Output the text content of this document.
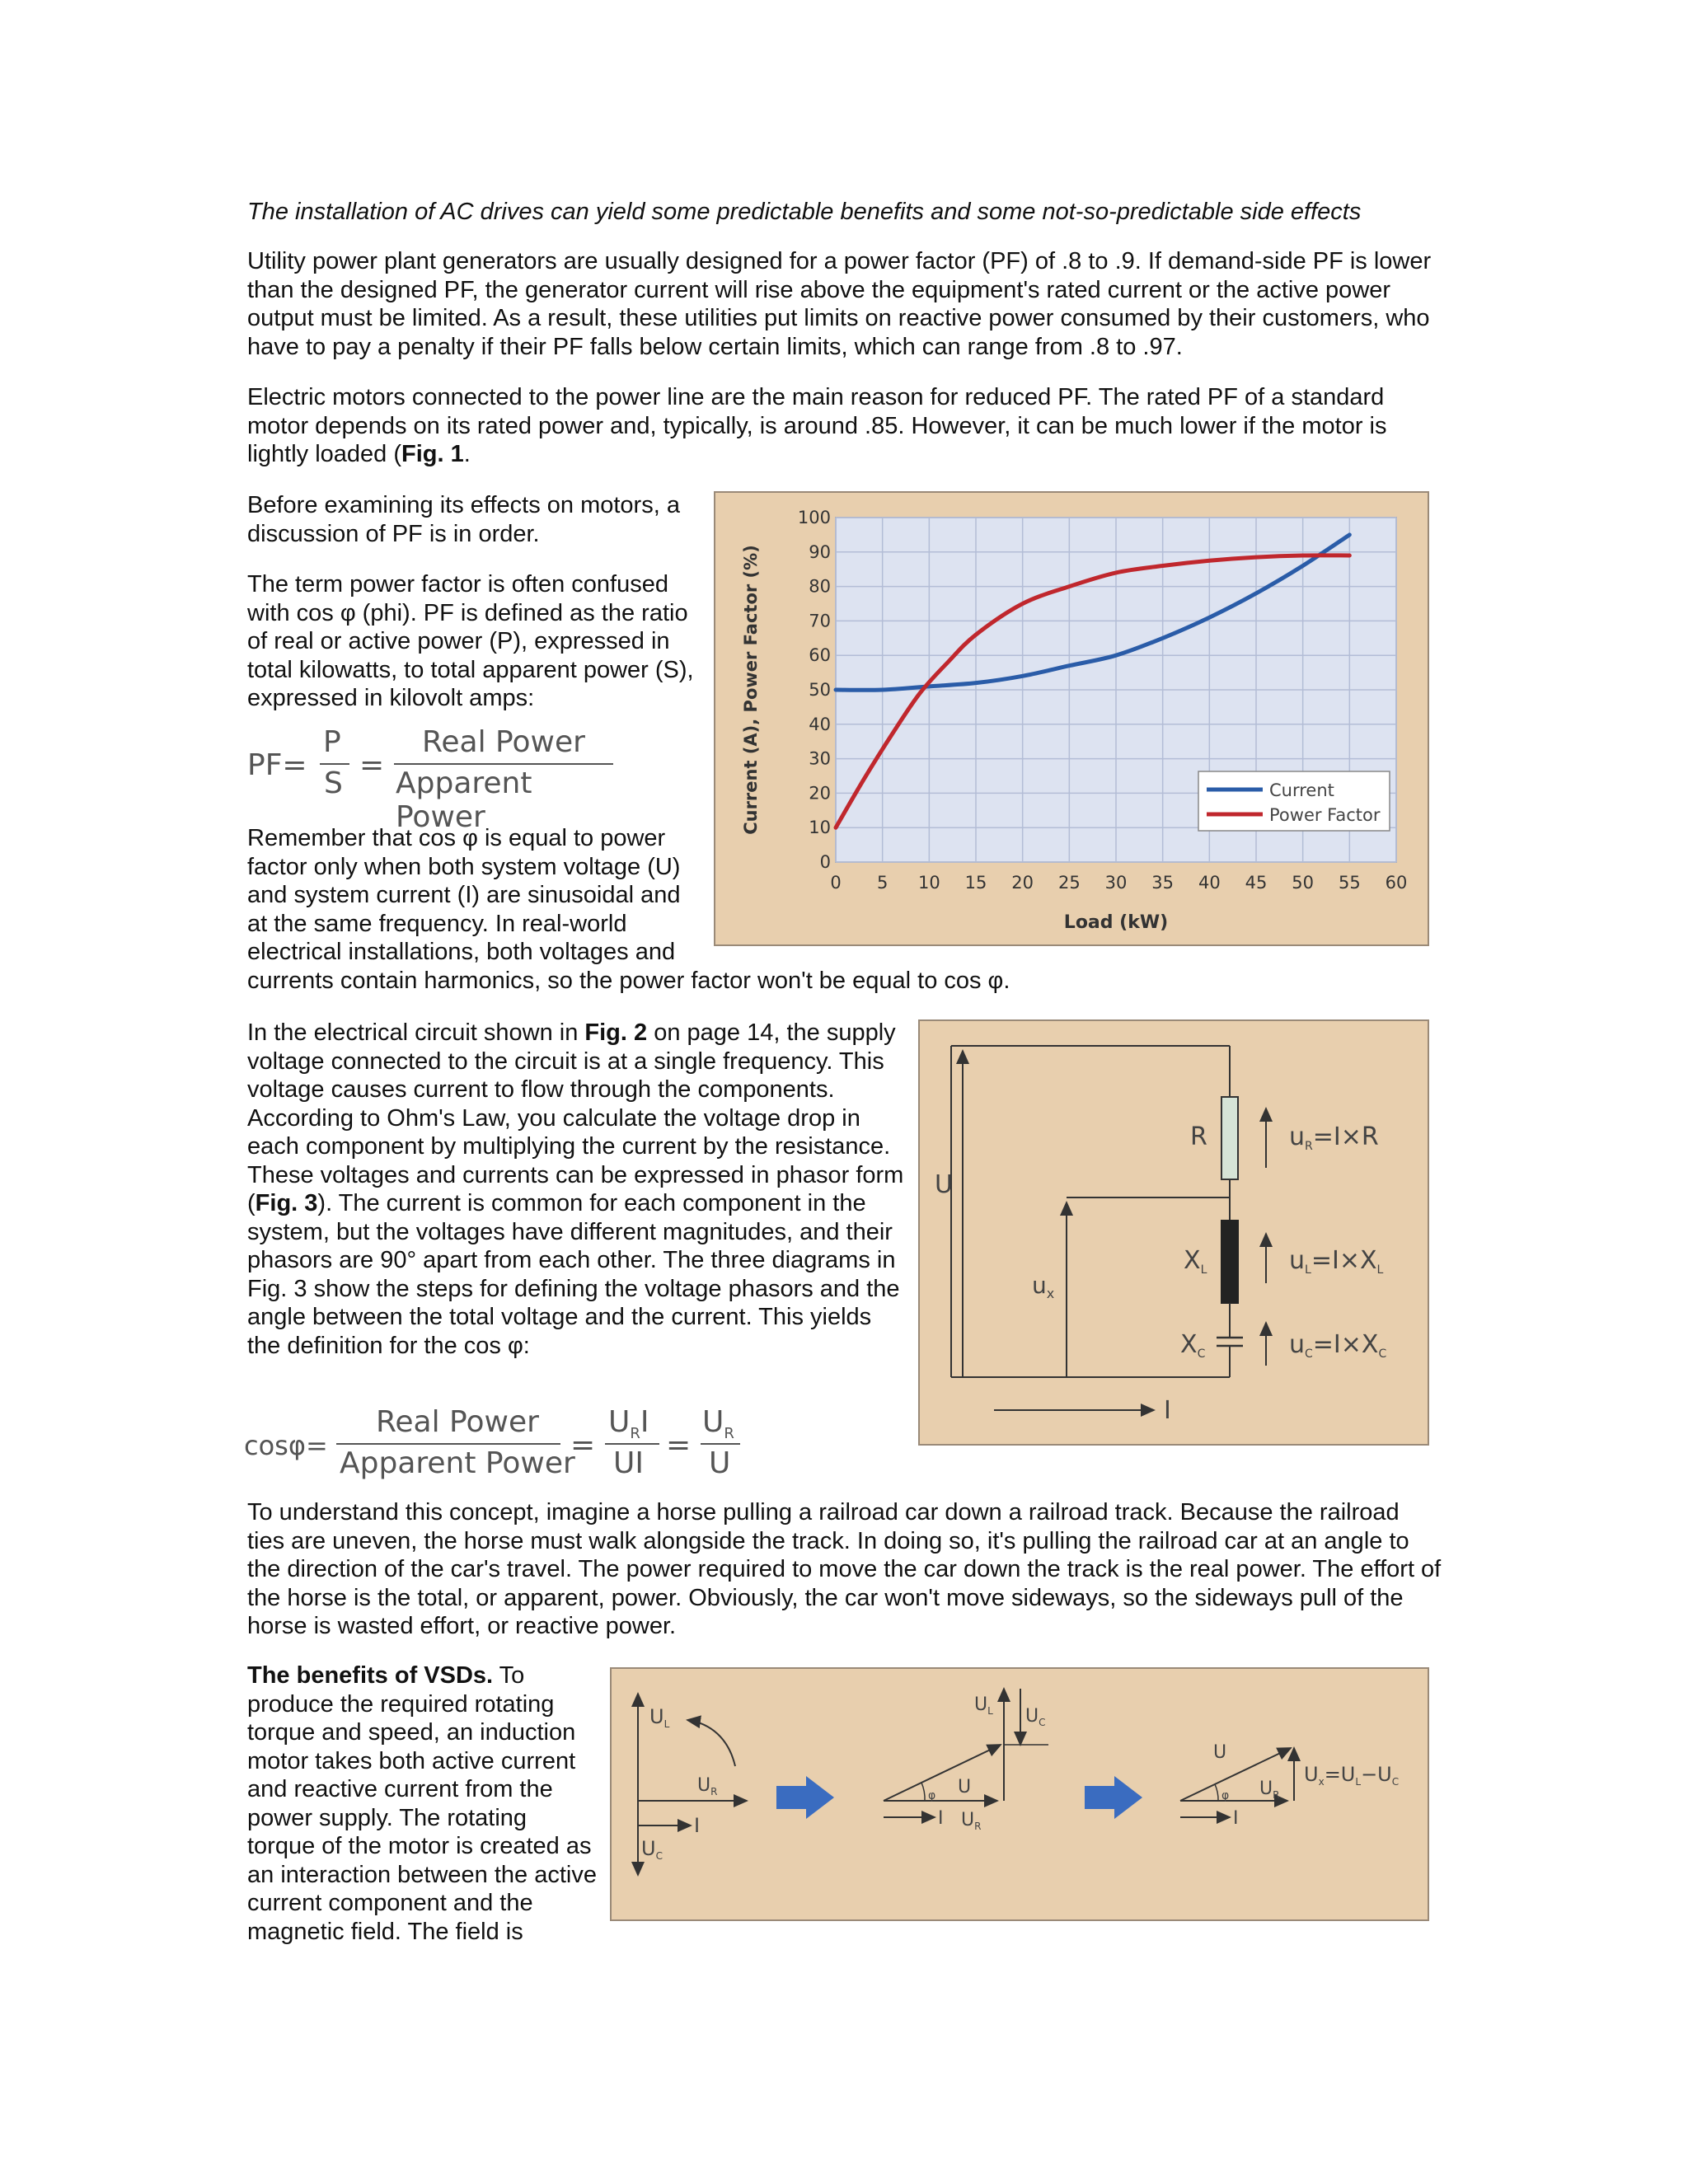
The installation of AC drives can yield some predictable benefits and some not-so-predictable side effects

Utility power plant generators are usually designed for a power factor (PF) of .8 to .9. If demand-side PF is lower than the designed PF, the generator current will rise above the equipment's rated current or the active power output must be limited. As a result, these utilities put limits on reactive power consumed by their customers, who have to pay a penalty if their PF falls below certain limits, which can range from .8 to .97.

Electric motors connected to the power line are the main reason for reduced PF. The rated PF of a standard motor depends on its rated power and, typically, is around .85. However, it can be much lower if the motor is lightly loaded (Fig. 1.

Before examining its effects on motors, a discussion of PF is in order.

The term power factor is often confused with cos φ (phi). PF is defined as the ratio of real or active power (P), expressed in total kilowatts, to total apparent power (S), expressed in kilovolt amps:

PF=
P
S
=
Real Power
Apparent Power
Remember that cos φ is equal to power
factor only when both system voltage (U)
and system current (I) are sinusoidal and
at the same frequency. In real-world
electrical installations, both voltages and
currents contain harmonics, so the power factor won't be equal to cos φ.
0 5 10 15 20 25 30 35 40 45 50 55 60
0
10
20
30
40
50
60
70
80
90
100
Load (kW)
Current (A), Power Factor (%)	Current
Power Factor

In the electrical circuit shown in Fig. 2 on page 14, the supply voltage connected to the circuit is at a single frequency. This voltage causes current to flow through the components. According to Ohm's Law, you calculate the voltage drop in each component by multiplying the current by the resistance. These voltages and currents can be expressed in phasor form (Fig. 3). The current is common for each component in the system, but the voltages have different magnitudes, and their phasors are 90° apart from each other. The three diagrams in Fig. 3 show the steps for defining the voltage phasors and the angle between the total voltage and the current. This yields the definition for the cos φ:

cosφ=
Real Power
Apparent Power
=
$U_RI$
UI
=
$U_R$
U
U
$u_x$
R	$u_R=I\times R$
$X_L$	$u_L=I\times X_L$
$X_C$	$u_C=I\times X_C$
I

To understand this concept, imagine a horse pulling a railroad car down a railroad track. Because the railroad ties are uneven, the horse must walk alongside the track. In doing so, it's pulling the railroad car at an angle to the direction of the car's travel. The power required to move the car down the track is the real power. The effort of the horse is the total, or apparent, power. Obviously, the car won't move sideways, so the sideways pull of the horse is wasted effort, or reactive power.

The benefits of VSDs. To produce the required rotating torque and speed, an induction motor takes both active current and reactive current from the power supply. The rotating torque of the motor is created as an interaction between the active current component and the magnetic field. The field is

$U_L$
$U_R$
I
$U_C$
φ
$U_L$ $U_C$
U
I $U_R$
φ
U
$U_R$
I
$U_x=U_L-U_C$
